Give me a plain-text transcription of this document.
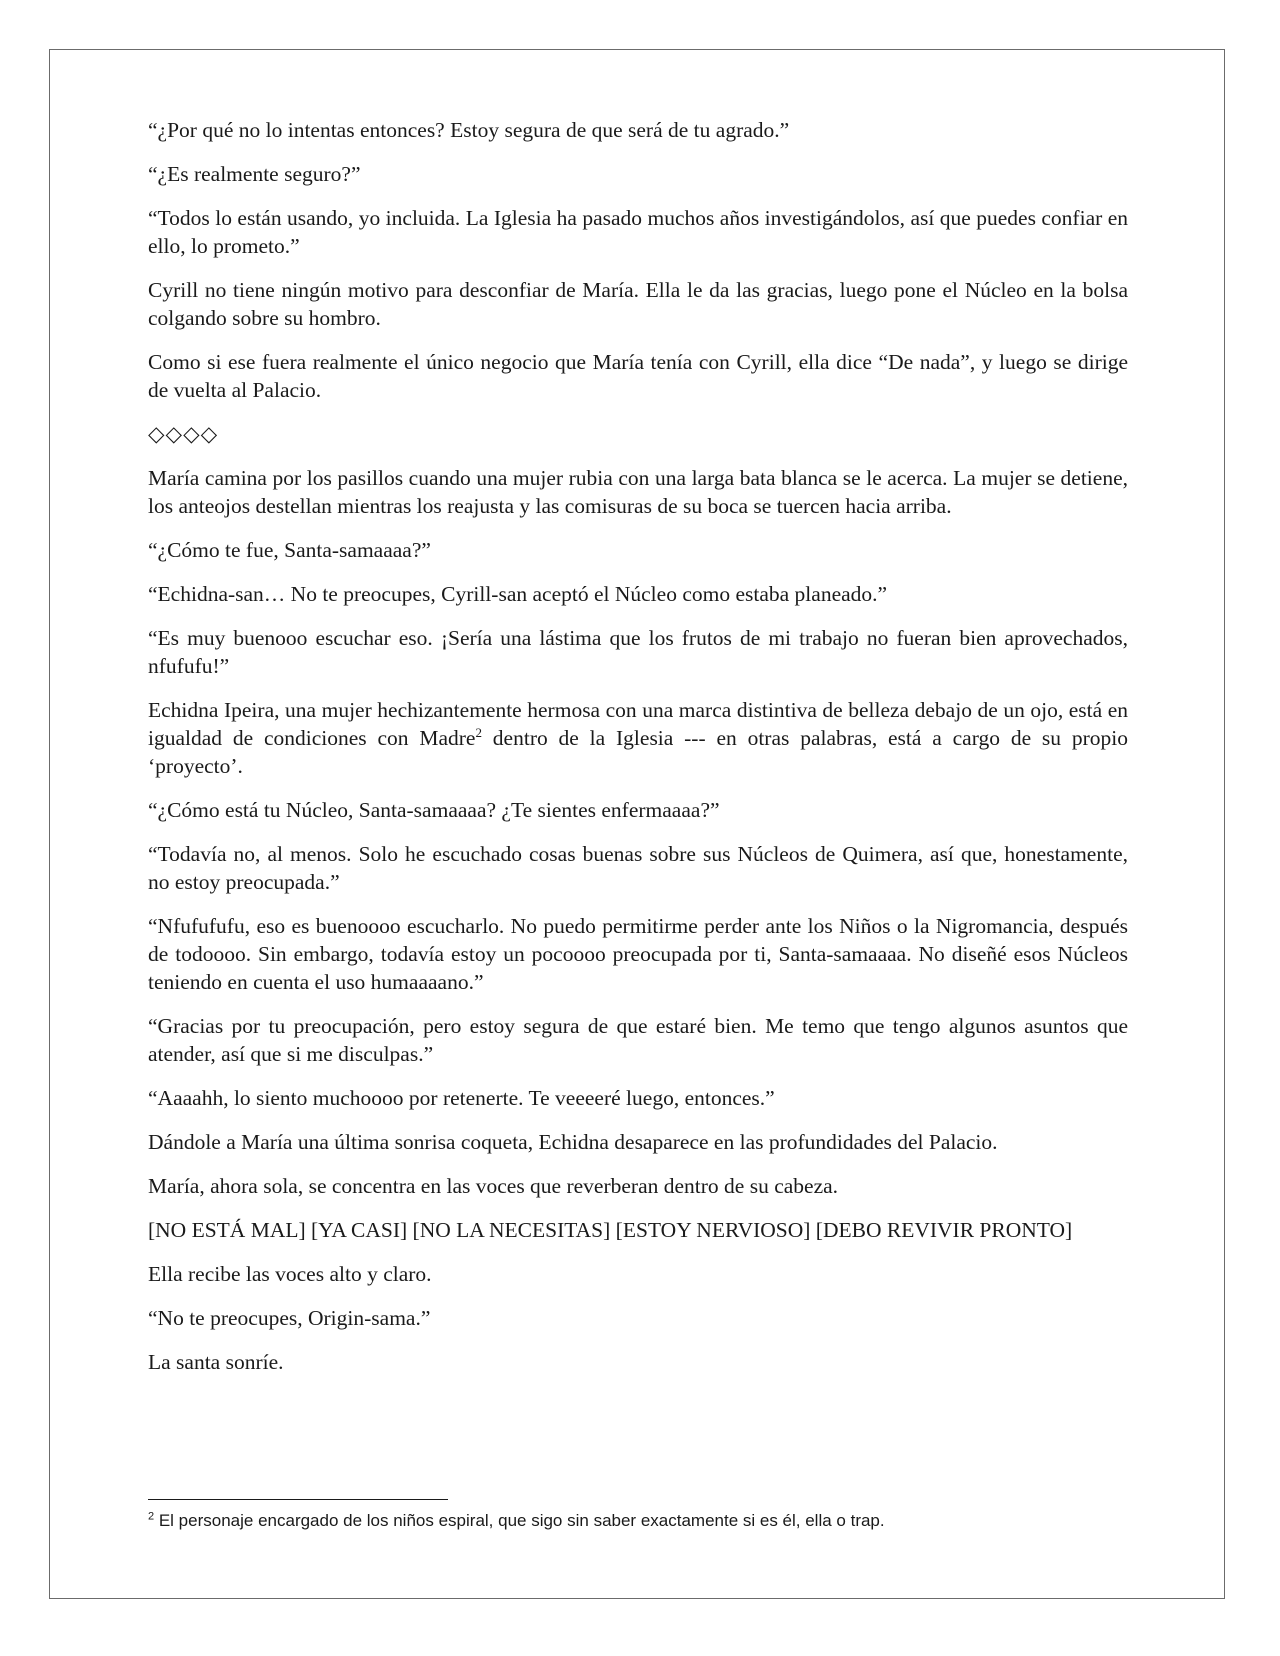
“¿Por qué no lo intentas entonces? Estoy segura de que será de tu agrado.”

“¿Es realmente seguro?”

“Todos lo están usando, yo incluida. La Iglesia ha pasado muchos años investigándolos, así que puedes confiar en ello, lo prometo.”

Cyrill no tiene ningún motivo para desconfiar de María. Ella le da las gracias, luego pone el Núcleo en la bolsa colgando sobre su hombro.

Como si ese fuera realmente el único negocio que María tenía con Cyrill, ella dice “De nada”, y luego se dirige de vuelta al Palacio.

◇◇◇◇

María camina por los pasillos cuando una mujer rubia con una larga bata blanca se le acerca. La mujer se detiene, los anteojos destellan mientras los reajusta y las comisuras de su boca se tuercen hacia arriba.

“¿Cómo te fue, Santa-samaaaa?”

“Echidna-san… No te preocupes, Cyrill-san aceptó el Núcleo como estaba planeado.”

“Es muy buenooo escuchar eso. ¡Sería una lástima que los frutos de mi trabajo no fueran bien aprovechados, nfufufu!”

Echidna Ipeira, una mujer hechizantemente hermosa con una marca distintiva de belleza debajo de un ojo, está en igualdad de condiciones con Madre$^2$ dentro de la Iglesia --- en otras palabras, está a cargo de su propio ‘proyecto’.

“¿Cómo está tu Núcleo, Santa-samaaaa? ¿Te sientes enfermaaaa?”

“Todavía no, al menos. Solo he escuchado cosas buenas sobre sus Núcleos de Quimera, así que, honestamente, no estoy preocupada.”

“Nfufufufu, eso es buenoooo escucharlo. No puedo permitirme perder ante los Niños o la Nigromancia, después de todoooo. Sin embargo, todavía estoy un pocoooo preocupada por ti, Santa-samaaaa. No diseñé esos Núcleos teniendo en cuenta el uso humaaaano.”

“Gracias por tu preocupación, pero estoy segura de que estaré bien. Me temo que tengo algunos asuntos que atender, así que si me disculpas.”

“Aaaahh, lo siento muchoooo por retenerte. Te veeeeré luego, entonces.”

Dándole a María una última sonrisa coqueta, Echidna desaparece en las profundidades del Palacio.

María, ahora sola, se concentra en las voces que reverberan dentro de su cabeza.

[NO ESTÁ MAL] [YA CASI] [NO LA NECESITAS] [ESTOY NERVIOSO] [DEBO REVIVIR PRONTO]

Ella recibe las voces alto y claro.

“No te preocupes, Origin-sama.”

La santa sonríe.

$^2$ El personaje encargado de los niños espiral, que sigo sin saber exactamente si es él, ella o trap.
